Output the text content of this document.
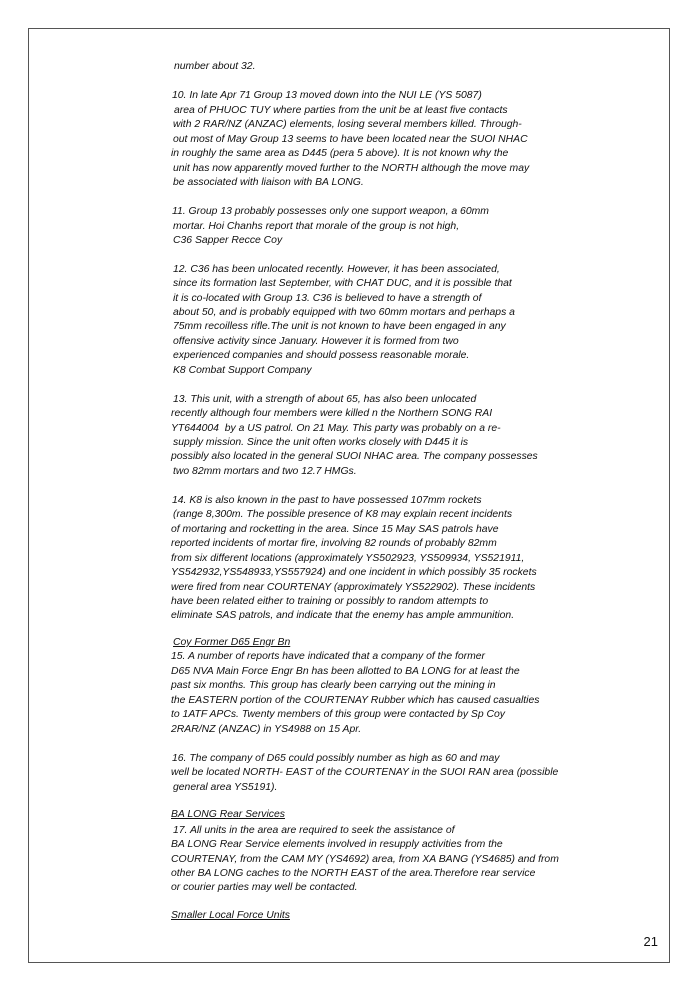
number about 32.
10. In late Apr 71 Group 13 moved down into the NUI LE (YS 5087)
area of PHUOC TUY where parties from the unit be at least five contacts
with 2 RAR/NZ (ANZAC) elements, losing several members killed. Through-
out most of May Group 13 seems to have been located near the SUOI NHAC
in roughly the same area as D445 (pera 5 above). It is not known why the
unit has now apparently moved further to the NORTH although the move may
be associated with liaison with BA LONG.
11. Group 13 probably possesses only one support weapon, a 60mm
mortar. Hoi Chanhs report that morale of the group is not high,
C36 Sapper Recce Coy
12. C36 has been unlocated recently. However, it has been associated,
since its formation last September, with CHAT DUC, and it is possible that
it is co-located with Group 13. C36 is believed to have a strength of
about 50, and is probably equipped with two 60mm mortars and perhaps a
75mm recoilless rifle.The unit is not known to have been engaged in any
offensive activity since January. However it is formed from two
experienced companies and should possess reasonable morale.
K8 Combat Support Company
13. This unit, with a strength of about 65, has also been unlocated
recently although four members were killed n the Northern SONG RAI
YT644004  by a US patrol. On 21 May. This party was probably on a re-
supply mission. Since the unit often works closely with D445 it is
possibly also located in the general SUOI NHAC area. The company possesses
two 82mm mortars and two 12.7 HMGs.
14. K8 is also known in the past to have possessed 107mm rockets
(range 8,300m. The possible presence of K8 may explain recent incidents
of mortaring and rocketting in the area. Since 15 May SAS patrols have
reported incidents of mortar fire, involving 82 rounds of probably 82mm
from six different locations (approximately YS502923, YS509934, YS521911,
YS542932,YS548933,YS557924) and one incident in which possibly 35 rockets
were fired from near COURTENAY (approximately YS522902). These incidents
have been related either to training or possibly to random attempts to
eliminate SAS patrols, and indicate that the enemy has ample ammunition.
Coy Former D65 Engr Bn
15. A number of reports have indicated that a company of the former
D65 NVA Main Force Engr Bn has been allotted to BA LONG for at least the
past six months. This group has clearly been carrying out the mining in
the EASTERN portion of the COURTENAY Rubber which has caused casualties
to 1ATF APCs. Twenty members of this group were contacted by Sp Coy
2RAR/NZ (ANZAC) in YS4988 on 15 Apr.
16. The company of D65 could possibly number as high as 60 and may
well be located NORTH- EAST of the COURTENAY in the SUOI RAN area (possible
general area YS5191).
BA LONG Rear Services
17. All units in the area are required to seek the assistance of
BA LONG Rear Service elements involved in resupply activities from the
COURTENAY, from the CAM MY (YS4692) area, from XA BANG (YS4685) and from
other BA LONG caches to the NORTH EAST of the area.Therefore rear service
or courier parties may well be contacted.
Smaller Local Force Units
21
